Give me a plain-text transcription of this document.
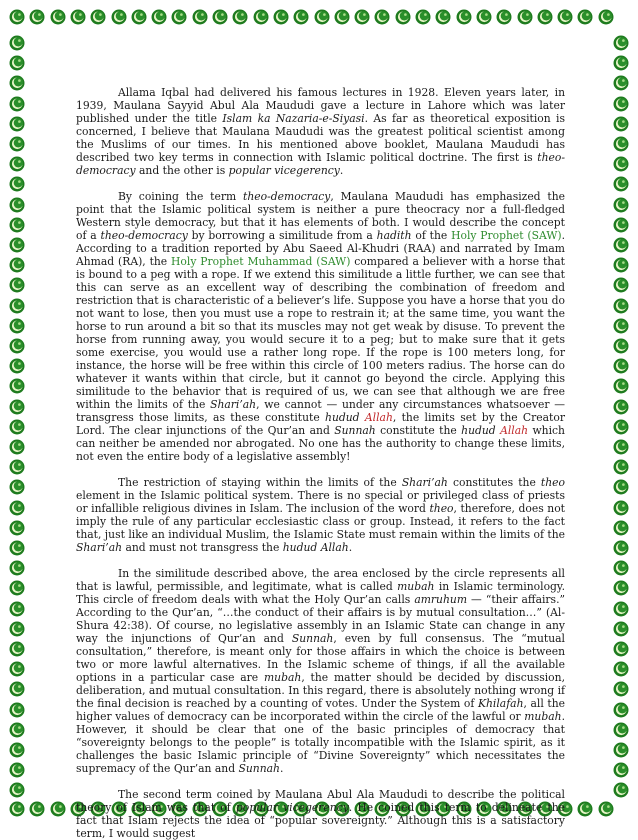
Allama Iqbal had delivered his famous lectures in 1928. Eleven years later, in 1939, Maulana Sayyid Abul Ala Maududi gave a lecture in Lahore which was later published under the title Islam ka Nazaria-e-Siyasi. As far as theoretical exposition is concerned, I believe that Maulana Maududi was the greatest political scientist among the Muslims of our times. In his mentioned above booklet, Maulana Maududi has described two key terms in connection with Islamic political doctrine. The first is theo-democracy and the other is popular vicegerency.

By coining the term theo-democracy, Maulana Maududi has emphasized the point that the Islamic political system is neither a pure theocracy nor a full-fledged Western style democracy, but that it has elements of both. I would describe the concept of a theo-democracy by borrowing a similitude from a hadith of the Holy Prophet (SAW). According to a tradition reported by Abu Saeed Al-Khudri (RAA) and narrated by Imam Ahmad (RA), the Holy Prophet Muhammad (SAW) compared a believer with a horse that is bound to a peg with a rope. If we extend this similitude a little further, we can see that this can serve as an excellent way of describing the combination of freedom and restriction that is characteristic of a believer’s life. Suppose you have a horse that you do not want to lose, then you must use a rope to restrain it; at the same time, you want the horse to run around a bit so that its muscles may not get weak by disuse. To prevent the horse from running away, you would secure it to a peg; but to make sure that it gets some exercise, you would use a rather long rope. If the rope is 100 meters long, for instance, the horse will be free within this circle of 100 meters radius. The horse can do whatever it wants within that circle, but it cannot go beyond the circle. Applying this similitude to the behavior that is required of us, we can see that although we are free within the limits of the Shari’ah, we cannot — under any circumstances whatsoever — transgress those limits, as these constitute hudud Allah, the limits set by the Creator Lord. The clear injunctions of the Qur’an and Sunnah constitute the hudud Allah which can neither be amended nor abrogated. No one has the authority to change these limits, not even the entire body of a legislative assembly!

The restriction of staying within the limits of the Shari’ah constitutes the theo element in the Islamic political system. There is no special or privileged class of priests or infallible religious divines in Islam. The inclusion of the word theo, therefore, does not imply the rule of any particular ecclesiastic class or group. Instead, it refers to the fact that, just like an individual Muslim, the Islamic State must remain within the limits of the Shari’ah and must not transgress the hudud Allah.

In the similitude described above, the area enclosed by the circle represents all that is lawful, permissible, and legitimate, what is called mubah in Islamic terminology. This circle of freedom deals with what the Holy Qur’an calls amruhum — “their affairs.” According to the Qur’an, “…the conduct of their affairs is by mutual consultation…” (Al-Shura 42:38). Of course, no legislative assembly in an Islamic State can change in any way the injunctions of Qur’an and Sunnah, even by full consensus. The “mutual consultation,” therefore, is meant only for those affairs in which the choice is between two or more lawful alternatives. In the Islamic scheme of things, if all the available options in a particular case are mubah, the matter should be decided by discussion, deliberation, and mutual consultation. In this regard, there is absolutely nothing wrong if the final decision is reached by a counting of votes. Under the System of Khilafah, all the higher values of democracy can be incorporated within the circle of the lawful or mubah. However, it should be clear that one of the basic principles of democracy that “sovereignty belongs to the people” is totally incompatible with the Islamic spirit, as it challenges the basic Islamic principle of “Divine Sovereignty” which necessitates the supremacy of the Qur’an and Sunnah.

The second term coined by Maulana Abul Ala Maududi to describe the political theory of Islam was that of popular vicegerency. He coined this term to delineate the fact that Islam rejects the idea of “popular sovereignty.” Although this is a satisfactory term, I would suggest
